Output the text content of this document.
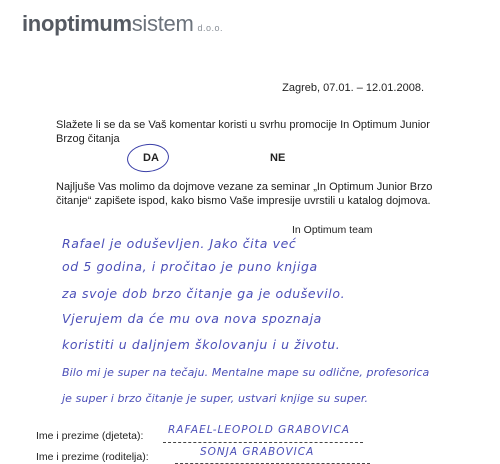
inoptimumsistem d.o.o.
Zagreb, 07.01. – 12.01.2008.
Slažete li se da se Vaš komentar koristi u svrhu promocije In Optimum Junior Brzog čitanja
DA	NE
Najljuše Vas molimo da dojmove vezane za seminar „In Optimum Junior Brzo čitanje“ zapišete ispod, kako bismo Vaše impresije uvrstili u katalog dojmova.
In Optimum team
Rafael je oduševljen. Jako čita već
od 5 godina, i pročitao je puno knjiga
za svoje dob brzo čitanje ga je oduševilo.
Vjerujem da će mu ova nova spoznaja
koristiti u daljnjem školovanju i u životu.
Bilo mi je super na tečaju. Mentalne mape su odlične, profesorica
je super i brzo čitanje je super, ustvari knjige su super.
Ime i prezime (djeteta): RAFAEL-LEOPOLD GRABOVICA
Ime i prezime (roditelja):	SONJA GRABOVICA
